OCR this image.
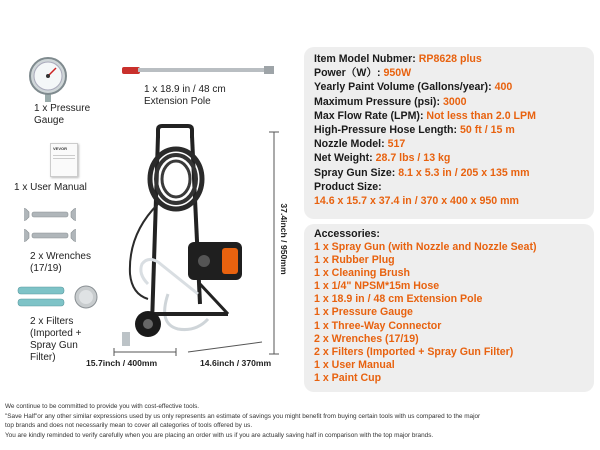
1 x Pressure
Gauge
1 x 18.9 in / 48 cm
Extension Pole
VEVOR
1 x User Manual
2 x Wrenches
(17/19)
2 x Filters
(Imported +
Spray Gun
Filter)
37.4inch / 950mm
15.7inch / 400mm	14.6inch / 370mm
Item Model Nubmer: RP8628 plus
Power（W）: 950W
Yearly Paint Volume (Gallons/year): 400
Maximum Pressure (psi): 3000
Max Flow Rate (LPM): Not less than 2.0 LPM
High-Pressure Hose Length: 50 ft / 15 m
Nozzle Model: 517
Net Weight: 28.7 lbs / 13 kg
Spray Gun Size: 8.1 x 5.3 in / 205 x 135 mm
Product Size:
14.6 x 15.7 x 37.4 in / 370 x 400 x 950 mm
Accessories:
1 x Spray Gun (with Nozzle and Nozzle Seat)
1 x Rubber Plug
1 x Cleaning Brush
1 x 1/4" NPSM*15m Hose
1 x 18.9 in / 48 cm Extension Pole
1 x Pressure Gauge
1 x Three-Way Connector
2 x Wrenches (17/19)
2 x Filters (Imported + Spray Gun Filter)
1 x User Manual
1 x Paint Cup
We continue to be committed to provide you with cost-effective tools.
"Save Half"or any other similar expressions used by us only represents an estimate of savings you might benefit from buying certain tools with us compared to the major
top brands and does not necessarily mean to cover all categories of tools offered by us.
You are kindly reminded to verify carefully when you are placing an order with us if you are actually saving half in comparison with the top major brands.
